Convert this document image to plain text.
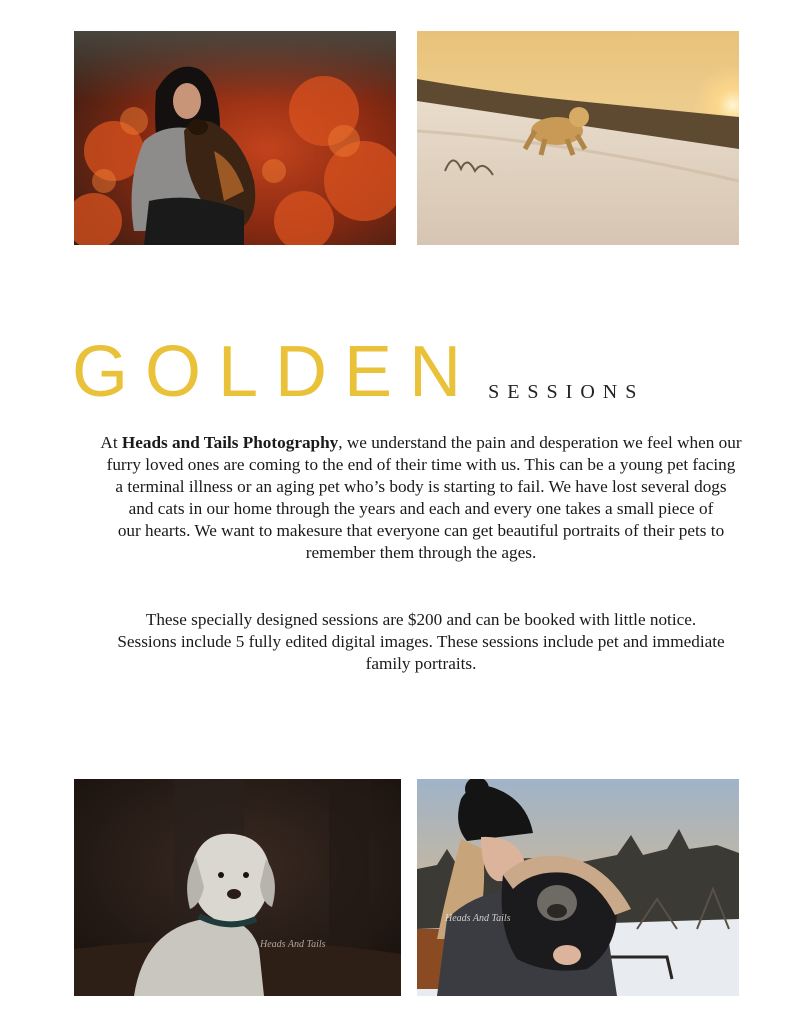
GOLDEN SESSIONS
At Heads and Tails Photography, we understand the pain and desperation we feel when our
furry loved ones are coming to the end of their time with us. This can be a young pet facing
a terminal illness or an aging pet who’s body is starting to fail. We have lost several dogs
and cats in our home through the years and each and every one takes a small piece of
our hearts. We want to makesure that everyone can get beautiful portraits of their pets to
remember them through the ages.
These specially designed sessions are $200 and can be booked with little notice.
Sessions include 5 fully edited digital images. These sessions include pet and immediate
family portraits.
Heads And Tails
Heads And Tails
